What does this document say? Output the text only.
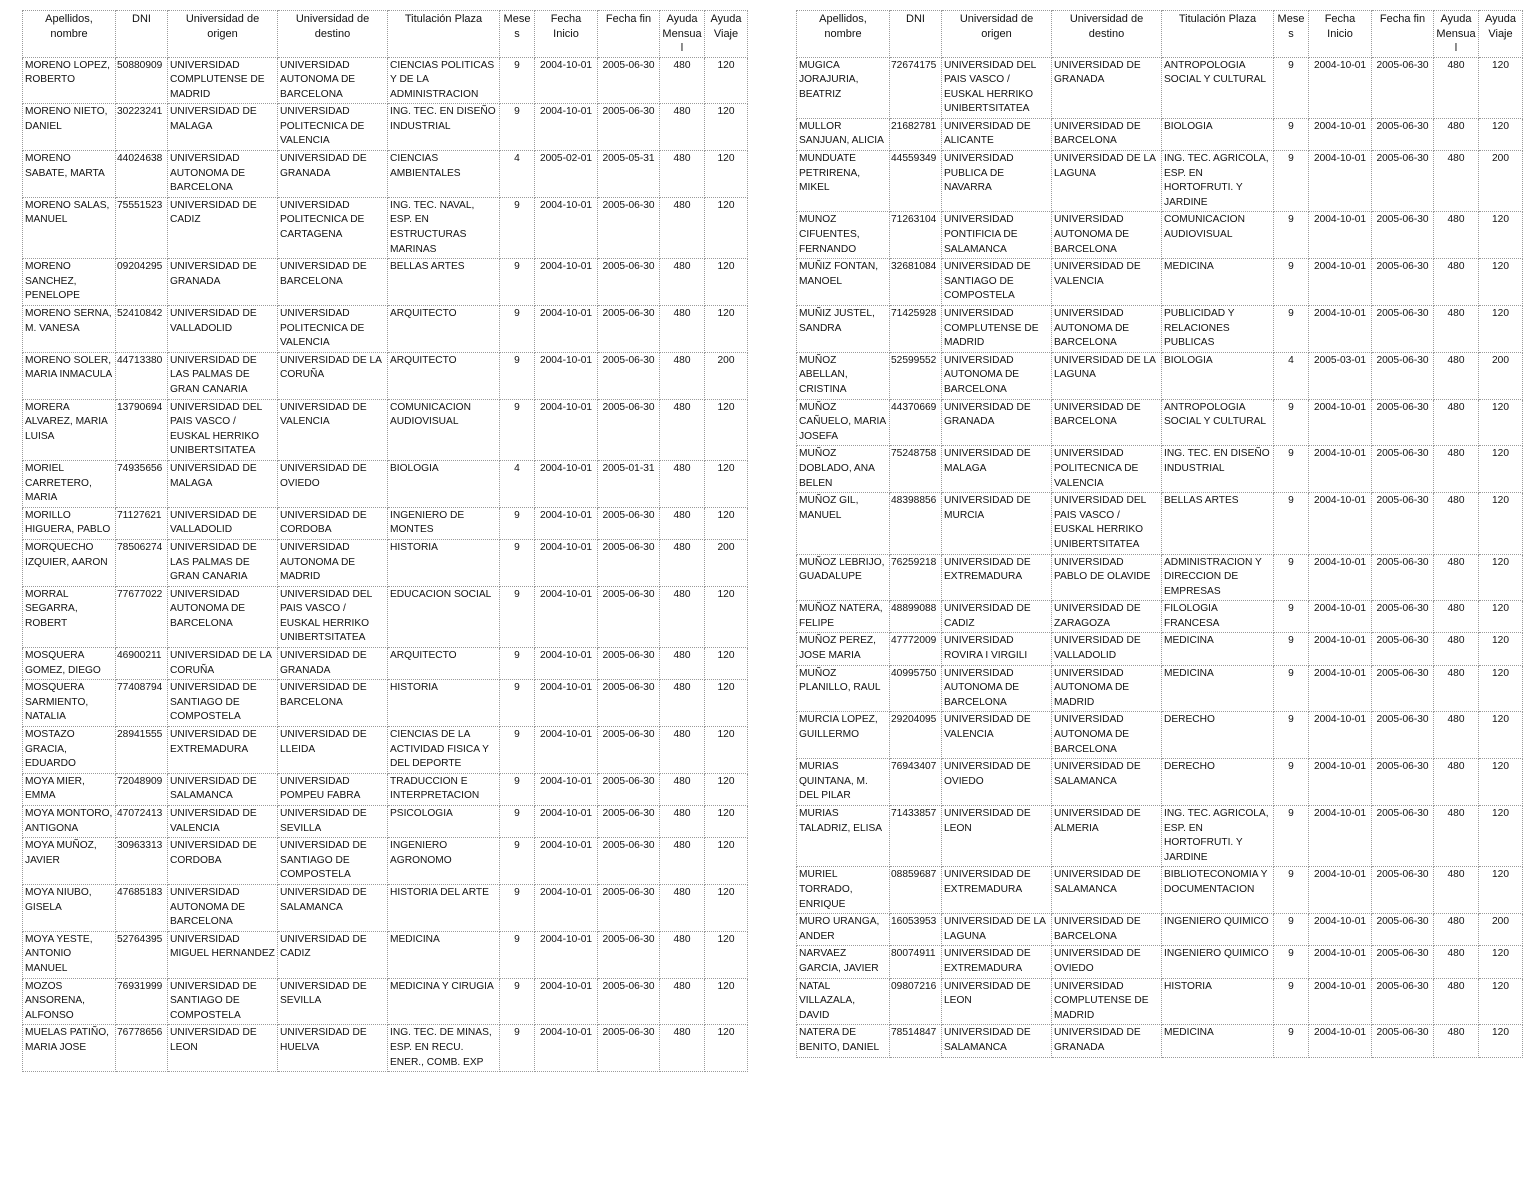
Apellidos, nombre	DNI	Universidad de origen	Universidad de destino	Titulación Plaza	Meses	Fecha Inicio	Fecha fin	Ayuda Mensual	Ayuda Viaje
MORENO LOPEZ, ROBERTO	50880909	UNIVERSIDAD COMPLUTENSE DE MADRID	UNIVERSIDAD AUTONOMA DE BARCELONA	CIENCIAS POLITICAS Y DE LA ADMINISTRACION	9	2004-10-01	2005-06-30	480	120
MORENO NIETO, DANIEL	30223241	UNIVERSIDAD DE MALAGA	UNIVERSIDAD POLITECNICA DE VALENCIA	ING. TEC. EN DISEÑO INDUSTRIAL	9	2004-10-01	2005-06-30	480	120
MORENO SABATE, MARTA	44024638	UNIVERSIDAD AUTONOMA DE BARCELONA	UNIVERSIDAD DE GRANADA	CIENCIAS AMBIENTALES	4	2005-02-01	2005-05-31	480	120
MORENO SALAS, MANUEL	75551523	UNIVERSIDAD DE CADIZ	UNIVERSIDAD POLITECNICA DE CARTAGENA	ING. TEC. NAVAL, ESP. EN ESTRUCTURAS MARINAS	9	2004-10-01	2005-06-30	480	120
MORENO SANCHEZ, PENELOPE	09204295	UNIVERSIDAD DE GRANADA	UNIVERSIDAD DE BARCELONA	BELLAS ARTES	9	2004-10-01	2005-06-30	480	120
MORENO SERNA, M. VANESA	52410842	UNIVERSIDAD DE VALLADOLID	UNIVERSIDAD POLITECNICA DE VALENCIA	ARQUITECTO	9	2004-10-01	2005-06-30	480	120
MORENO SOLER, MARIA INMACULA	44713380	UNIVERSIDAD DE LAS PALMAS DE GRAN CANARIA	UNIVERSIDAD DE LA CORUÑA	ARQUITECTO	9	2004-10-01	2005-06-30	480	200
MORERA ALVAREZ, MARIA LUISA	13790694	UNIVERSIDAD DEL PAIS VASCO / EUSKAL HERRIKO UNIBERTSITATEA	UNIVERSIDAD DE VALENCIA	COMUNICACION AUDIOVISUAL	9	2004-10-01	2005-06-30	480	120
MORIEL CARRETERO, MARIA	74935656	UNIVERSIDAD DE MALAGA	UNIVERSIDAD DE OVIEDO	BIOLOGIA	4	2004-10-01	2005-01-31	480	120
MORILLO HIGUERA, PABLO	71127621	UNIVERSIDAD DE VALLADOLID	UNIVERSIDAD DE CORDOBA	INGENIERO DE MONTES	9	2004-10-01	2005-06-30	480	120
MORQUECHO IZQUIER, AARON	78506274	UNIVERSIDAD DE LAS PALMAS DE GRAN CANARIA	UNIVERSIDAD AUTONOMA DE MADRID	HISTORIA	9	2004-10-01	2005-06-30	480	200
MORRAL SEGARRA, ROBERT	77677022	UNIVERSIDAD AUTONOMA DE BARCELONA	UNIVERSIDAD DEL PAIS VASCO / EUSKAL HERRIKO UNIBERTSITATEA	EDUCACION SOCIAL	9	2004-10-01	2005-06-30	480	120
MOSQUERA GOMEZ, DIEGO	46900211	UNIVERSIDAD DE LA CORUÑA	UNIVERSIDAD DE GRANADA	ARQUITECTO	9	2004-10-01	2005-06-30	480	120
MOSQUERA SARMIENTO, NATALIA	77408794	UNIVERSIDAD DE SANTIAGO DE COMPOSTELA	UNIVERSIDAD DE BARCELONA	HISTORIA	9	2004-10-01	2005-06-30	480	120
MOSTAZO GRACIA, EDUARDO	28941555	UNIVERSIDAD DE EXTREMADURA	UNIVERSIDAD DE LLEIDA	CIENCIAS DE LA ACTIVIDAD FISICA Y DEL DEPORTE	9	2004-10-01	2005-06-30	480	120
MOYA MIER, EMMA	72048909	UNIVERSIDAD DE SALAMANCA	UNIVERSIDAD POMPEU FABRA	TRADUCCION E INTERPRETACION	9	2004-10-01	2005-06-30	480	120
MOYA MONTORO, ANTIGONA	47072413	UNIVERSIDAD DE VALENCIA	UNIVERSIDAD DE SEVILLA	PSICOLOGIA	9	2004-10-01	2005-06-30	480	120
MOYA MUÑOZ, JAVIER	30963313	UNIVERSIDAD DE CORDOBA	UNIVERSIDAD DE SANTIAGO DE COMPOSTELA	INGENIERO AGRONOMO	9	2004-10-01	2005-06-30	480	120
MOYA NIUBO, GISELA	47685183	UNIVERSIDAD AUTONOMA DE BARCELONA	UNIVERSIDAD DE SALAMANCA	HISTORIA DEL ARTE	9	2004-10-01	2005-06-30	480	120
MOYA YESTE, ANTONIO MANUEL	52764395	UNIVERSIDAD MIGUEL HERNANDEZ	UNIVERSIDAD DE CADIZ	MEDICINA	9	2004-10-01	2005-06-30	480	120
MOZOS ANSORENA, ALFONSO	76931999	UNIVERSIDAD DE SANTIAGO DE COMPOSTELA	UNIVERSIDAD DE SEVILLA	MEDICINA Y CIRUGIA	9	2004-10-01	2005-06-30	480	120
MUELAS PATIÑO, MARIA JOSE	76778656	UNIVERSIDAD DE LEON	UNIVERSIDAD DE HUELVA	ING. TEC. DE MINAS, ESP. EN RECU. ENER., COMB. EXP	9	2004-10-01	2005-06-30	480	120
Apellidos, nombre	DNI	Universidad de origen	Universidad de destino	Titulación Plaza	Meses	Fecha Inicio	Fecha fin	Ayuda Mensual	Ayuda Viaje
MUGICA JORAJURIA, BEATRIZ	72674175	UNIVERSIDAD DEL PAIS VASCO / EUSKAL HERRIKO UNIBERTSITATEA	UNIVERSIDAD DE GRANADA	ANTROPOLOGIA SOCIAL Y CULTURAL	9	2004-10-01	2005-06-30	480	120
MULLOR SANJUAN, ALICIA	21682781	UNIVERSIDAD DE ALICANTE	UNIVERSIDAD DE BARCELONA	BIOLOGIA	9	2004-10-01	2005-06-30	480	120
MUNDUATE PETRIRENA, MIKEL	44559349	UNIVERSIDAD PUBLICA DE NAVARRA	UNIVERSIDAD DE LA LAGUNA	ING. TEC. AGRICOLA, ESP. EN HORTOFRUTI. Y JARDINE	9	2004-10-01	2005-06-30	480	200
MUNOZ CIFUENTES, FERNANDO	71263104	UNIVERSIDAD PONTIFICIA DE SALAMANCA	UNIVERSIDAD AUTONOMA DE BARCELONA	COMUNICACION AUDIOVISUAL	9	2004-10-01	2005-06-30	480	120
MUÑIZ FONTAN, MANOEL	32681084	UNIVERSIDAD DE SANTIAGO DE COMPOSTELA	UNIVERSIDAD DE VALENCIA	MEDICINA	9	2004-10-01	2005-06-30	480	120
MUÑIZ JUSTEL, SANDRA	71425928	UNIVERSIDAD COMPLUTENSE DE MADRID	UNIVERSIDAD AUTONOMA DE BARCELONA	PUBLICIDAD Y RELACIONES PUBLICAS	9	2004-10-01	2005-06-30	480	120
MUÑOZ ABELLAN, CRISTINA	52599552	UNIVERSIDAD AUTONOMA DE BARCELONA	UNIVERSIDAD DE LA LAGUNA	BIOLOGIA	4	2005-03-01	2005-06-30	480	200
MUÑOZ CAÑUELO, MARIA JOSEFA	44370669	UNIVERSIDAD DE GRANADA	UNIVERSIDAD DE BARCELONA	ANTROPOLOGIA SOCIAL Y CULTURAL	9	2004-10-01	2005-06-30	480	120
MUÑOZ DOBLADO, ANA BELEN	75248758	UNIVERSIDAD DE MALAGA	UNIVERSIDAD POLITECNICA DE VALENCIA	ING. TEC. EN DISEÑO INDUSTRIAL	9	2004-10-01	2005-06-30	480	120
MUÑOZ GIL, MANUEL	48398856	UNIVERSIDAD DE MURCIA	UNIVERSIDAD DEL PAIS VASCO / EUSKAL HERRIKO UNIBERTSITATEA	BELLAS ARTES	9	2004-10-01	2005-06-30	480	120
MUÑOZ LEBRIJO, GUADALUPE	76259218	UNIVERSIDAD DE EXTREMADURA	UNIVERSIDAD PABLO DE OLAVIDE	ADMINISTRACION Y DIRECCION DE EMPRESAS	9	2004-10-01	2005-06-30	480	120
MUÑOZ NATERA, FELIPE	48899088	UNIVERSIDAD DE CADIZ	UNIVERSIDAD DE ZARAGOZA	FILOLOGIA FRANCESA	9	2004-10-01	2005-06-30	480	120
MUÑOZ PEREZ, JOSE MARIA	47772009	UNIVERSIDAD ROVIRA I VIRGILI	UNIVERSIDAD DE VALLADOLID	MEDICINA	9	2004-10-01	2005-06-30	480	120
MUÑOZ PLANILLO, RAUL	40995750	UNIVERSIDAD AUTONOMA DE BARCELONA	UNIVERSIDAD AUTONOMA DE MADRID	MEDICINA	9	2004-10-01	2005-06-30	480	120
MURCIA LOPEZ, GUILLERMO	29204095	UNIVERSIDAD DE VALENCIA	UNIVERSIDAD AUTONOMA DE BARCELONA	DERECHO	9	2004-10-01	2005-06-30	480	120
MURIAS QUINTANA, M. DEL PILAR	76943407	UNIVERSIDAD DE OVIEDO	UNIVERSIDAD DE SALAMANCA	DERECHO	9	2004-10-01	2005-06-30	480	120
MURIAS TALADRIZ, ELISA	71433857	UNIVERSIDAD DE LEON	UNIVERSIDAD DE ALMERIA	ING. TEC. AGRICOLA, ESP. EN HORTOFRUTI. Y JARDINE	9	2004-10-01	2005-06-30	480	120
MURIEL TORRADO, ENRIQUE	08859687	UNIVERSIDAD DE EXTREMADURA	UNIVERSIDAD DE SALAMANCA	BIBLIOTECONOMIA Y DOCUMENTACION	9	2004-10-01	2005-06-30	480	120
MURO URANGA, ANDER	16053953	UNIVERSIDAD DE LA LAGUNA	UNIVERSIDAD DE BARCELONA	INGENIERO QUIMICO	9	2004-10-01	2005-06-30	480	200
NARVAEZ GARCIA, JAVIER	80074911	UNIVERSIDAD DE EXTREMADURA	UNIVERSIDAD DE OVIEDO	INGENIERO QUIMICO	9	2004-10-01	2005-06-30	480	120
NATAL VILLAZALA, DAVID	09807216	UNIVERSIDAD DE LEON	UNIVERSIDAD COMPLUTENSE DE MADRID	HISTORIA	9	2004-10-01	2005-06-30	480	120
NATERA DE BENITO, DANIEL	78514847	UNIVERSIDAD DE SALAMANCA	UNIVERSIDAD DE GRANADA	MEDICINA	9	2004-10-01	2005-06-30	480	120
